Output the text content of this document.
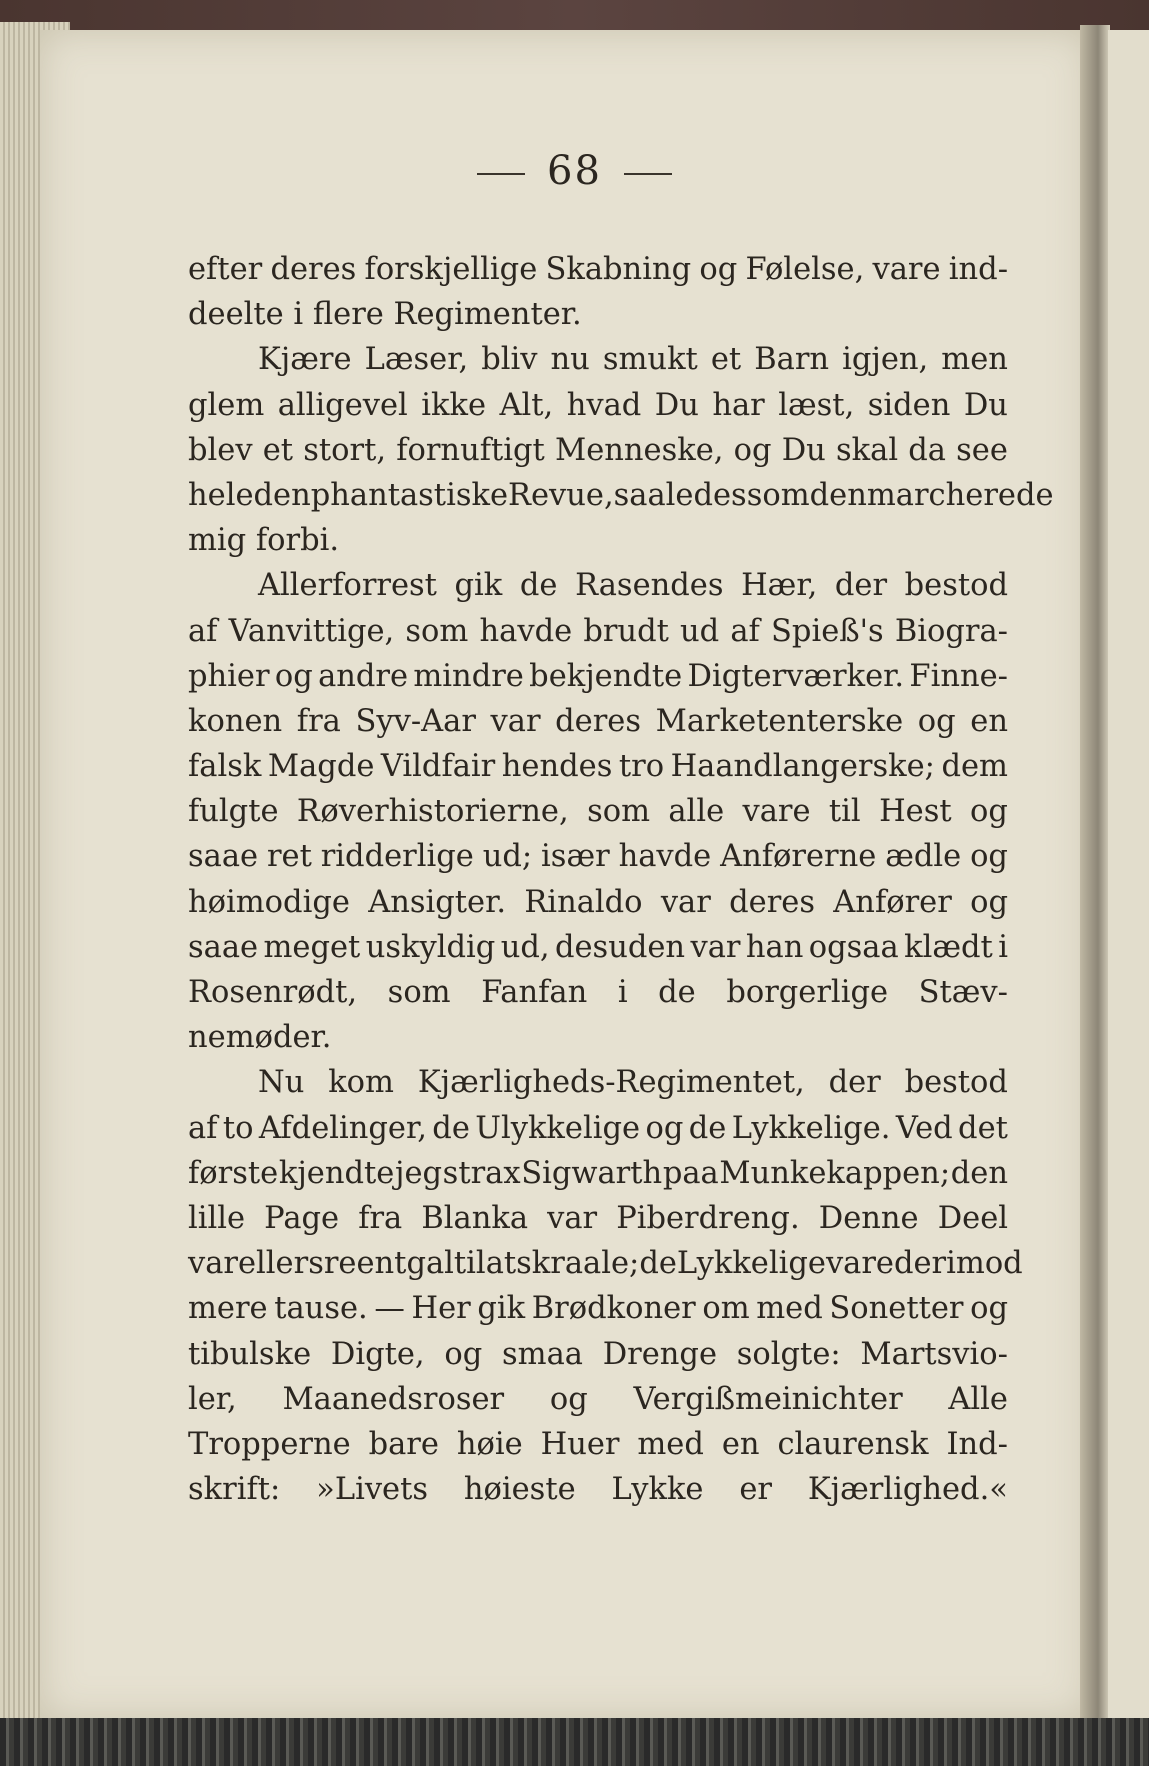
68
efter deres forskjellige Skabning og Følelse, vare ind-
deelte i flere Regimenter.
Kjære Læser, bliv nu smukt et Barn igjen, men
glem alligevel ikke Alt, hvad Du har læst, siden Du
blev et stort, fornuftigt Menneske, og Du skal da see
hele den phantastiske Revue, saaledes som den marcherede
mig forbi.
Allerforrest gik de Rasendes Hær, der bestod
af Vanvittige, som havde brudt ud af Spieß's Biogra-
phier og andre mindre bekjendte Digterværker. Finne-
konen fra Syv-Aar var deres Marketenterske og en
falsk Magde Vildfair hendes tro Haandlangerske; dem
fulgte Røverhistorierne, som alle vare til Hest og
saae ret ridderlige ud; især havde Anførerne ædle og
høimodige Ansigter. Rinaldo var deres Anfører og
saae meget uskyldig ud, desuden var han ogsaa klædt i
Rosenrødt, som Fanfan i de borgerlige Stæv-
nemøder.
Nu kom Kjærligheds-Regimentet, der bestod
af to Afdelinger, de Ulykkelige og de Lykkelige. Ved det
første kjendte jeg strax Sigwarth paa Munkekappen; den
lille Page fra Blanka var Piberdreng. Denne Deel
var ellers reent gal til at skraale; de Lykkelige vare derimod
mere tause. — Her gik Brødkoner om med Sonetter og
tibulske Digte, og smaa Drenge solgte: Martsvio-
ler, Maanedsroser og Vergißmeinichter Alle
Tropperne bare høie Huer med en claurensk Ind-
skrift: »Livets høieste Lykke er Kjærlighed.«
